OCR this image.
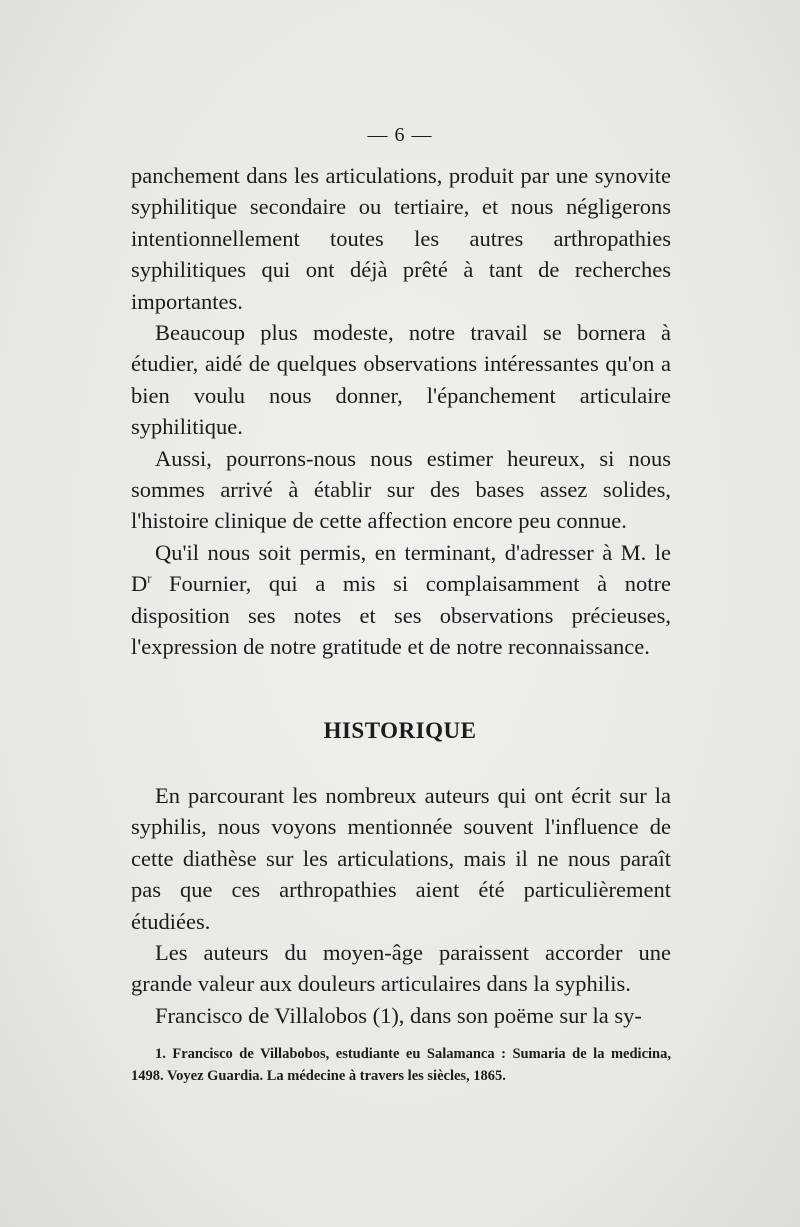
— 6 —

panchement dans les articulations, produit par une synovite syphilitique secondaire ou tertiaire, et nous négligerons intentionnellement toutes les autres arthropathies syphilitiques qui ont déjà prêté à tant de recherches importantes.

Beaucoup plus modeste, notre travail se bornera à étudier, aidé de quelques observations intéressantes qu'on a bien voulu nous donner, l'épanchement articulaire syphilitique.

Aussi, pourrons-nous nous estimer heureux, si nous sommes arrivé à établir sur des bases assez solides, l'histoire clinique de cette affection encore peu connue.

Qu'il nous soit permis, en terminant, d'adresser à M. le $D^r$ Fournier, qui a mis si complaisamment à notre disposition ses notes et ses observations précieuses, l'expression de notre gratitude et de notre reconnaissance.

HISTORIQUE

En parcourant les nombreux auteurs qui ont écrit sur la syphilis, nous voyons mentionnée souvent l'influence de cette diathèse sur les articulations, mais il ne nous paraît pas que ces arthropathies aient été particulièrement étudiées.

Les auteurs du moyen-âge paraissent accorder une grande valeur aux douleurs articulaires dans la syphilis.

Francisco de Villalobos (1), dans son poëme sur la sy-

1. Francisco de Villabobos, estudiante eu Salamanca : Sumaria de la medicina, 1498. Voyez Guardia. La médecine à travers les siècles, 1865.
